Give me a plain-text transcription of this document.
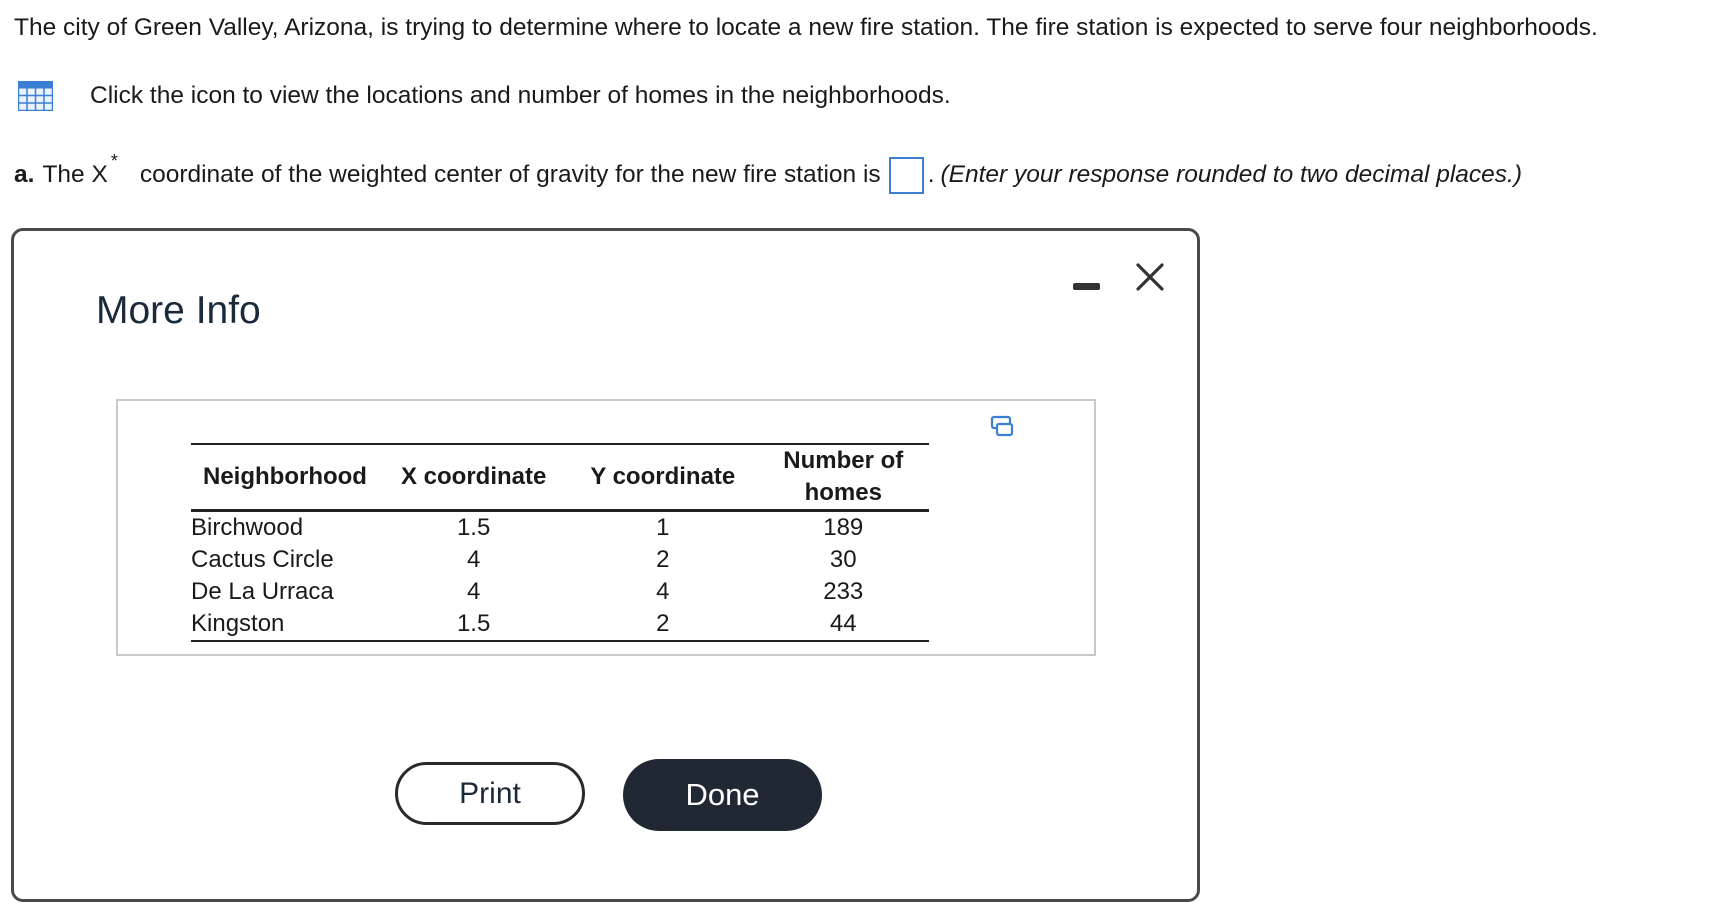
The city of Green Valley, Arizona, is trying to determine where to locate a new fire station. The fire station is expected to serve four neighborhoods.
Click the icon to view the locations and number of homes in the neighborhoods.
a. The X
*
coordinate of the weighted center of gravity for the new fire station is . (Enter your response rounded to two decimal places.)
More Info
Neighborhood	X coordinate	Y coordinate	Number of homes
Birchwood	1.5	1	189
Cactus Circle	4	2	30
De La Urraca	4	4	233
Kingston	1.5	2	44
Print	Done
